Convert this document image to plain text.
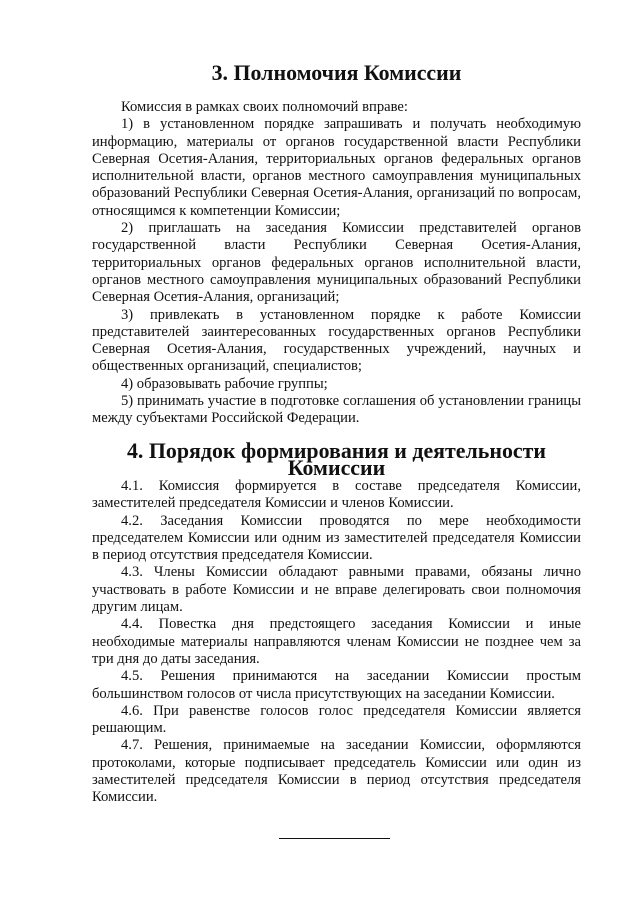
3. Полномочия Комиссии

Комиссия в рамках своих полномочий вправе:

1) в установленном порядке запрашивать и получать необходимую информацию, материалы от органов государственной власти Республики Северная Осетия-Алания, территориальных органов федеральных органов исполнительной власти, органов местного самоуправления муниципальных образований Республики Северная Осетия-Алания, организаций по вопросам, относящимся к компетенции Комиссии;

2) приглашать на заседания Комиссии представителей органов государственной власти Республики Северная Осетия-Алания, территориальных органов федеральных органов исполнительной власти, органов местного самоуправления муниципальных образований Республики Северная Осетия-Алания, организаций;

3) привлекать в установленном порядке к работе Комиссии представителей заинтересованных государственных органов Республики Северная Осетия-Алания, государственных учреждений, научных и общественных организаций, специалистов;

4) образовывать рабочие группы;

5) принимать участие в подготовке соглашения об установлении границы между субъектами Российской Федерации.

4. Порядок формирования и деятельности Комиссии

4.1. Комиссия формируется в составе председателя Комиссии, заместителей председателя Комиссии и членов Комиссии.

4.2. Заседания Комиссии проводятся по мере необходимости председателем Комиссии или одним из заместителей председателя Комиссии в период отсутствия председателя Комиссии.

4.3. Члены Комиссии обладают равными правами, обязаны лично участвовать в работе Комиссии и не вправе делегировать свои полномочия другим лицам.

4.4. Повестка дня предстоящего заседания Комиссии и иные необходимые материалы направляются членам Комиссии не позднее чем за три дня до даты заседания.

4.5. Решения принимаются на заседании Комиссии простым большинством голосов от числа присутствующих на заседании Комиссии.

4.6. При равенстве голосов голос председателя Комиссии является решающим.

4.7. Решения, принимаемые на заседании Комиссии, оформляются протоколами, которые подписывает председатель Комиссии или один из заместителей председателя Комиссии в период отсутствия председателя Комиссии.
